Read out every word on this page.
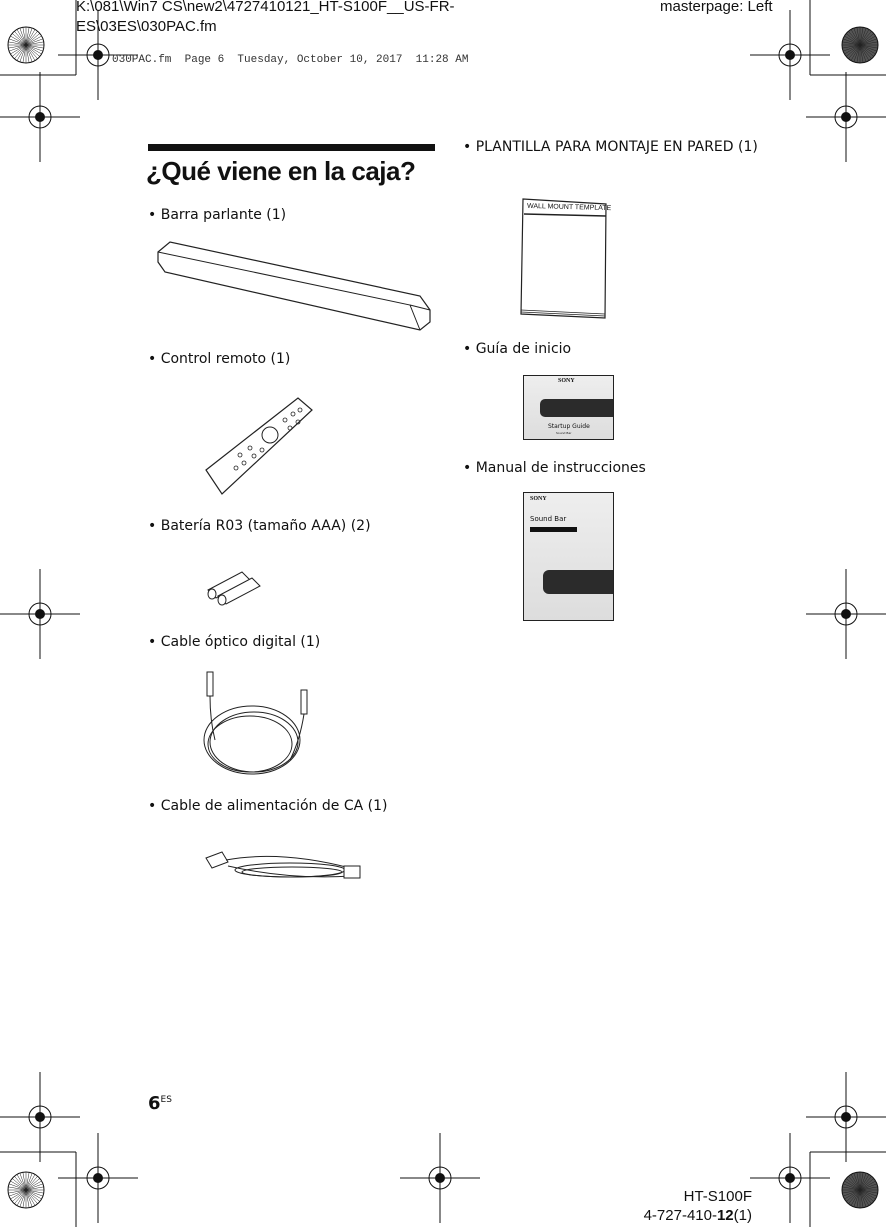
K:\081\Win7 CS\new2\4727410121_HT-S100F__US-FR-
ES\03ES\030PAC.fm
masterpage: Left
030PAC.fm  Page 6  Tuesday, October 10, 2017  11:28 AM
¿Qué viene en la caja?
• Barra parlante (1)
• Control remoto (1)
• Batería R03 (tamaño AAA) (2)
• Cable óptico digital (1)
• Cable de alimentación de CA (1)
• PLANTILLA PARA MONTAJE EN PARED (1)
• Guía de inicio
• Manual de instrucciones
WALL MOUNT TEMPLATE
SONY
Startup Guide
Sound Bar
SONY
Sound Bar
$6^{ES}$
HT-S100F
4-727-410-12(1)
